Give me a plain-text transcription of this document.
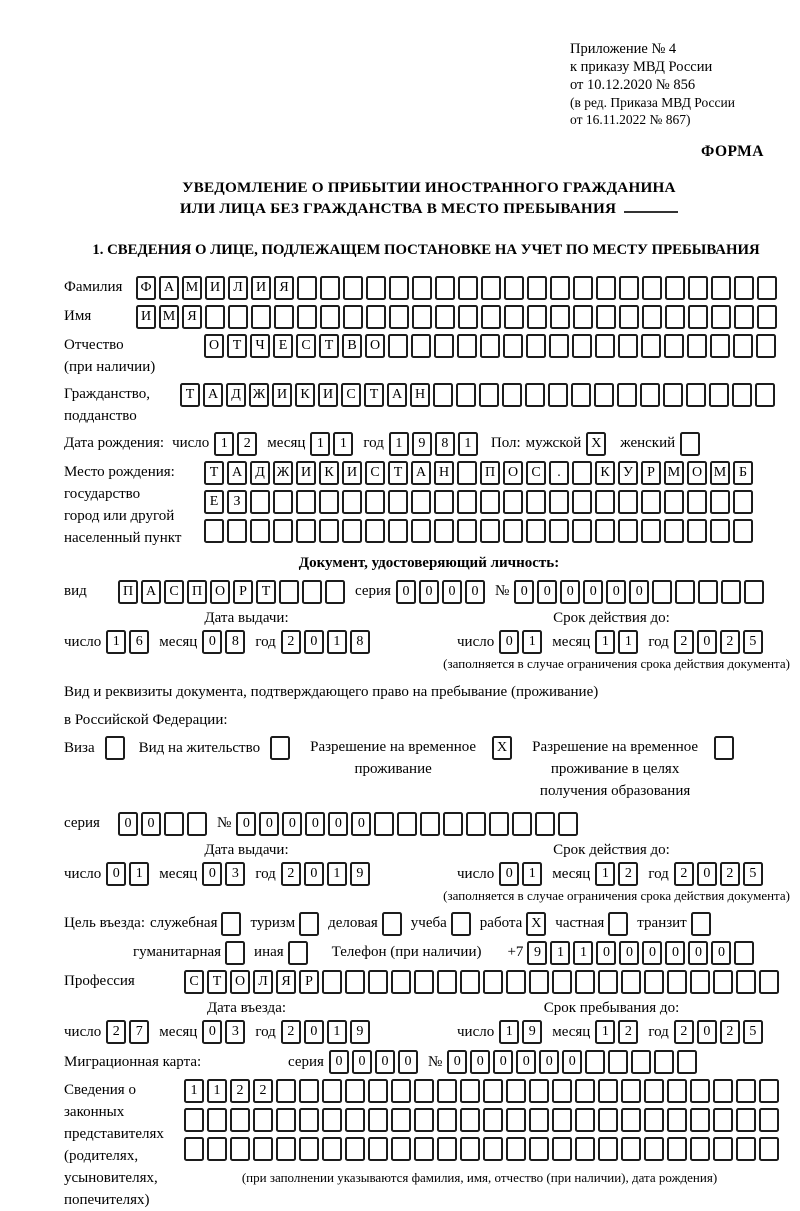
Приложение № 4
к приказу МВД России
от 10.12.2020 № 856
(в ред. Приказа МВД России
от 16.11.2022 № 867)
ФОРМА
УВЕДОМЛЕНИЕ О ПРИБЫТИИ ИНОСТРАННОГО ГРАЖДАНИНА
ИЛИ ЛИЦА БЕЗ ГРАЖДАНСТВА В МЕСТО ПРЕБЫВАНИЯ
1. СВЕДЕНИЯ О ЛИЦЕ, ПОДЛЕЖАЩЕМ ПОСТАНОВКЕ НА УЧЕТ ПО МЕСТУ ПРЕБЫВАНИЯ
Фамилия	Ф А М И Л И Я
Имя	И М Я
Отчество
(при наличии)
О Т	Ч	Е	С	Т	В О
Гражданство,
подданство
Т А Д Ж И К И С	Т А Н
Дата рождения: число 1	2	месяц 1	1	год 1	9	8	1	Пол: мужской X	женский
Место рождения:
государство
город или другой
населенный пункт
Т А Д Ж И К И С	Т А Н	П О С	.	К У	Р М О М Б
Е	З
Документ, удостоверяющий личность:
вид	П А С П О	Р	Т	серия 0	0	0	0	№ 0	0	0	0	0	0
Дата выдачи:
число 1	6	месяц 0	8	год 2	0	1	8
Срок действия до:
число 0	1	месяц 1	1	год 2	0	2	5
(заполняется в случае ограничения срока действия документа)
Вид и реквизиты документа, подтверждающего право на пребывание (проживание)
в Российской Федерации:
Виза	Вид на жительство	Разрешение на временное проживание
X	Разрешение на временное проживание в целях получения образования
серия	0	0	№ 0	0	0	0	0	0
Дата выдачи:
число 0	1	месяц 0	3	год 2	0	1	9
Срок действия до:
число 0	1	месяц 1	2	год 2	0	2	5
(заполняется в случае ограничения срока действия документа)
Цель въезда: служебная туризм деловая учеба работа X частная транзит
гуманитарная иная	Телефон (при наличии) +7 9	1	1	0	0	0	0	0	0
Профессия	С	Т О Л Я	Р
Дата въезда:
число 2	7	месяц 0	3	год 2	0	1	9
Срок пребывания до:
число 1	9	месяц 1	2	год 2	0	2	5
Миграционная карта:	серия 0	0	0	0	№ 0	0	0	0	0	0
Сведения о
законных
представителях
(родителях,
усыновителях,
попечителях)
1	1	2	2
(при заполнении указываются фамилия, имя, отчество (при наличии), дата рождения)
